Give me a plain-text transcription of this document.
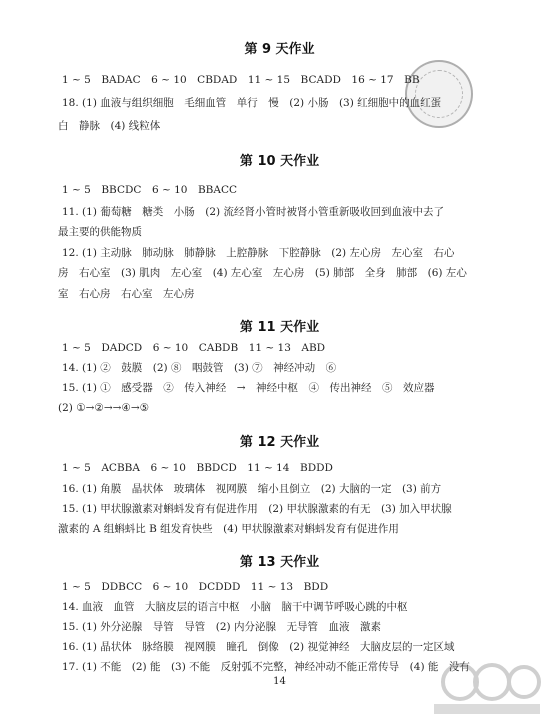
第 9 天作业
1 ~ 5　BADAC　6 ~ 10　CBDAD　11 ~ 15　BCADD　16 ~ 17　BB
18. (1) 血液与组织细胞　毛细血管　单行　慢　(2) 小肠　(3) 红细胞中的血红蛋
白　静脉　(4) 线粒体
第 10 天作业
1 ~ 5　BBCDC　6 ~ 10　BBACC
11. (1) 葡萄糖　糖类　小肠　(2) 流经肾小管时被肾小管重新吸收回到血液中去了
最主要的供能物质
12. (1) 主动脉　肺动脉　肺静脉　上腔静脉　下腔静脉　(2) 左心房　左心室　右心
房　右心室　(3) 肌肉　左心室　(4) 左心室　左心房　(5) 肺部　全身　肺部　(6) 左心
室　右心房　右心室　左心房
第 11 天作业
1 ~ 5　DADCD　6 ~ 10　CABDB　11 ~ 13　ABD
14. (1) ②　鼓膜　(2) ⑧　咽鼓管　(3) ⑦　神经冲动　⑥
15. (1) ①　感受器　②　传入神经　→　神经中枢　④　传出神经　⑤　效应器
(2) ①→②→→④→⑤
第 12 天作业
1 ~ 5　ACBBA　6 ~ 10　BBDCD　11 ~ 14　BDDD
16. (1) 角膜　晶状体　玻璃体　视网膜　缩小且倒立　(2) 大脑的一定　(3) 前方
15. (1) 甲状腺激素对蝌蚪发育有促进作用　(2) 甲状腺激素的有无　(3) 加入甲状腺
激素的 A 组蝌蚪比 B 组发育快些　(4) 甲状腺激素对蝌蚪发育有促进作用
第 13 天作业
1 ~ 5　DDBCC　6 ~ 10　DCDDD　11 ~ 13　BDD
14. 血液　血管　大脑皮层的语言中枢　小脑　脑干中调节呼吸心跳的中枢
15. (1) 外分泌腺　导管　导管　(2) 内分泌腺　无导管　血液　激素
16. (1) 晶状体　脉络膜　视网膜　瞳孔　倒像　(2) 视觉神经　大脑皮层的一定区域
17. (1) 不能　(2) 能　(3) 不能　反射弧不完整，神经冲动不能正常传导　(4) 能　没有
14
